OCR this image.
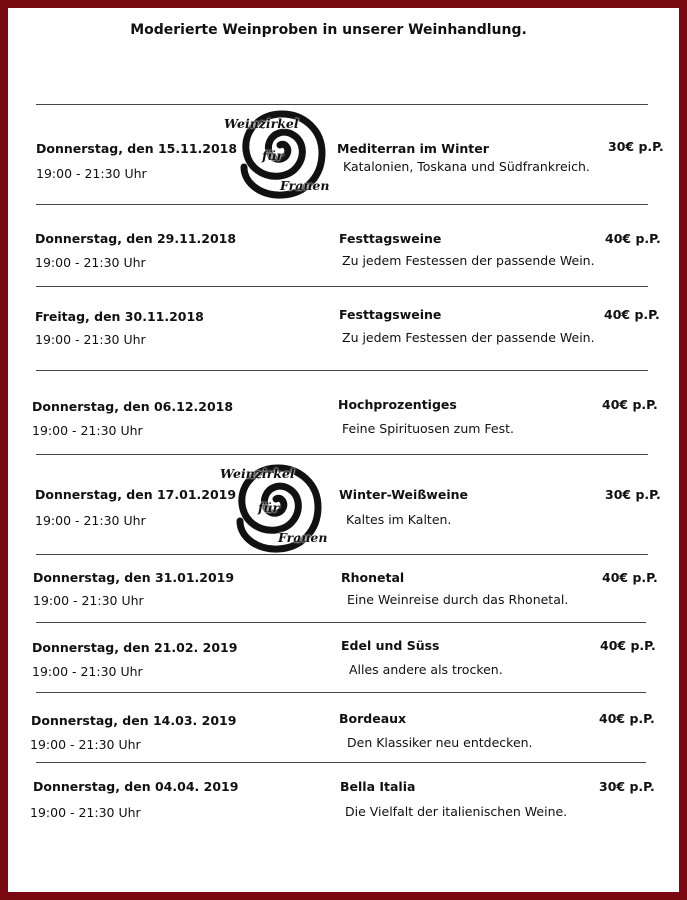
Moderierte Weinproben in unserer Weinhandlung.
Donnerstag, den 15.11.2018
19:00 - 21:30 Uhr
Mediterran im Winter
Katalonien, Toskana und Südfrankreich.
30€ p.P.
Weinzirkel
für
Frauen
Donnerstag, den 29.11.2018
19:00 - 21:30 Uhr
Festtagsweine
Zu jedem Festessen der passende Wein.
40€ p.P.
Freitag, den 30.11.2018
19:00 - 21:30 Uhr
Festtagsweine
Zu jedem Festessen der passende Wein.
40€ p.P.
Donnerstag, den 06.12.2018
19:00 - 21:30 Uhr
Hochprozentiges
Feine Spirituosen zum Fest.
40€ p.P.
Donnerstag, den 17.01.2019
19:00 - 21:30 Uhr
Winter-Weißweine
Kaltes im Kalten.
30€ p.P.
Weinzirkel
für
Frauen
Donnerstag, den 31.01.2019
19:00 - 21:30 Uhr
Rhonetal
Eine Weinreise durch das Rhonetal.
40€ p.P.
Donnerstag, den 21.02. 2019
19:00 - 21:30 Uhr
Edel und Süss
Alles andere als trocken.
40€ p.P.
Donnerstag, den 14.03. 2019
19:00 - 21:30 Uhr
Bordeaux
Den Klassiker neu entdecken.
40€ p.P.
Donnerstag, den 04.04. 2019
19:00 - 21:30 Uhr
Bella Italia
Die Vielfalt der italienischen Weine.
30€ p.P.
